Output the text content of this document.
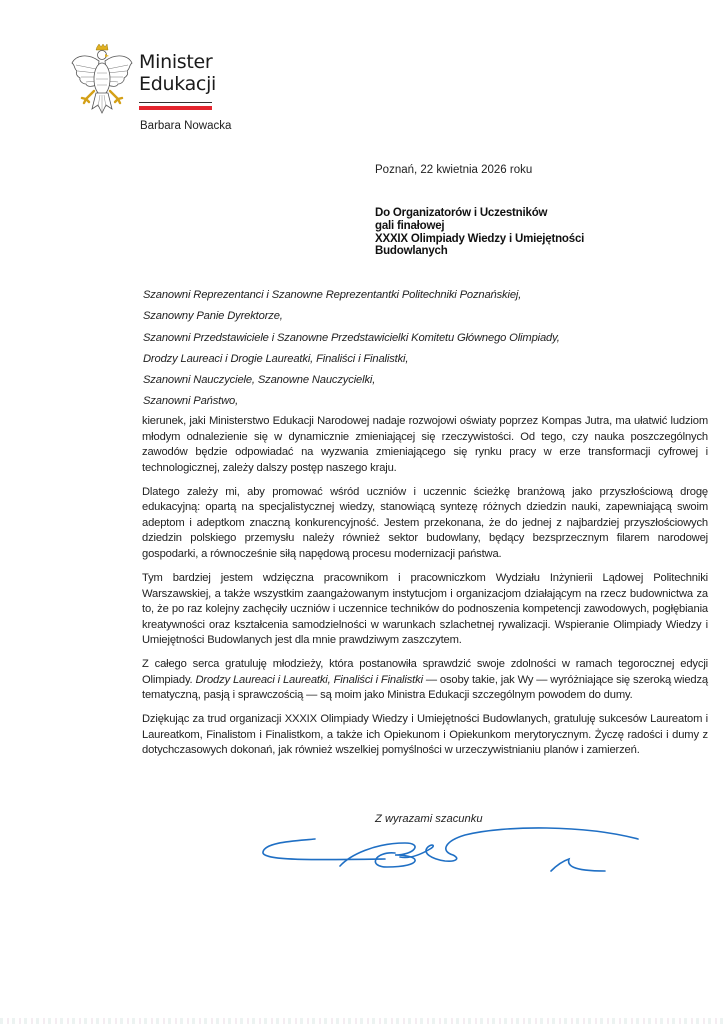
Minister
Edukacji
Barbara Nowacka
Poznań, 22 kwietnia 2026 roku
Do Organizatorów i Uczestników
gali finałowej
XXXIX Olimpiady Wiedzy i Umiejętności
Budowlanych
Szanowni Reprezentanci i Szanowne Reprezentantki Politechniki Poznańskiej,
Szanowny Panie Dyrektorze,
Szanowni Przedstawiciele i Szanowne Przedstawicielki Komitetu Głównego Olimpiady,
Drodzy Laureaci i Drogie Laureatki, Finaliści i Finalistki,
Szanowni Nauczyciele, Szanowne Nauczycielki,
Szanowni Państwo,

kierunek, jaki Ministerstwo Edukacji Narodowej nadaje rozwojowi oświaty poprzez Kompas Jutra, ma ułatwić ludziom młodym odnalezienie się w dynamicznie zmieniającej się rzeczywistości. Od tego, czy nauka poszczególnych zawodów będzie odpowiadać na wyzwania zmieniającego się rynku pracy w erze transformacji cyfrowej i technologicznej, zależy dalszy postęp naszego kraju.

Dlatego zależy mi, aby promować wśród uczniów i uczennic ścieżkę branżową jako przyszłościową drogę edukacyjną: opartą na specjalistycznej wiedzy, stanowiącą syntezę różnych dziedzin nauki, zapewniającą swoim adeptom i adeptkom znaczną konkurencyjność. Jestem przekonana, że do jednej z najbardziej przyszłościowych dziedzin polskiego przemysłu należy również sektor budowlany, będący bezsprzecznym filarem narodowej gospodarki, a równocześnie siłą napędową procesu modernizacji państwa.

Tym bardziej jestem wdzięczna pracownikom i pracowniczkom Wydziału Inżynierii Lądowej Politechniki Warszawskiej, a także wszystkim zaangażowanym instytucjom i organizacjom działającym na rzecz budownictwa za to, że po raz kolejny zachęciły uczniów i uczennice techników do podnoszenia kompetencji zawodowych, pogłębiania kreatywności oraz kształcenia samodzielności w warunkach szlachetnej rywalizacji. Wspieranie Olimpiady Wiedzy i Umiejętności Budowlanych jest dla mnie prawdziwym zaszczytem.

Z całego serca gratuluję młodzieży, która postanowiła sprawdzić swoje zdolności w ramach tegorocznej edycji Olimpiady. Drodzy Laureaci i Laureatki, Finaliści i Finalistki — osoby takie, jak Wy — wyróżniające się szeroką wiedzą tematyczną, pasją i sprawczością — są moim jako Ministra Edukacji szczególnym powodem do dumy.

Dziękując za trud organizacji XXXIX Olimpiady Wiedzy i Umiejętności Budowlanych, gratuluję sukcesów Laureatom i Laureatkom, Finalistom i Finalistkom, a także ich Opiekunom i Opiekunkom merytorycznym. Życzę radości i dumy z dotychczasowych dokonań, jak również wszelkiej pomyślności w urzeczywistnianiu planów i zamierzeń.

Z wyrazami szacunku
